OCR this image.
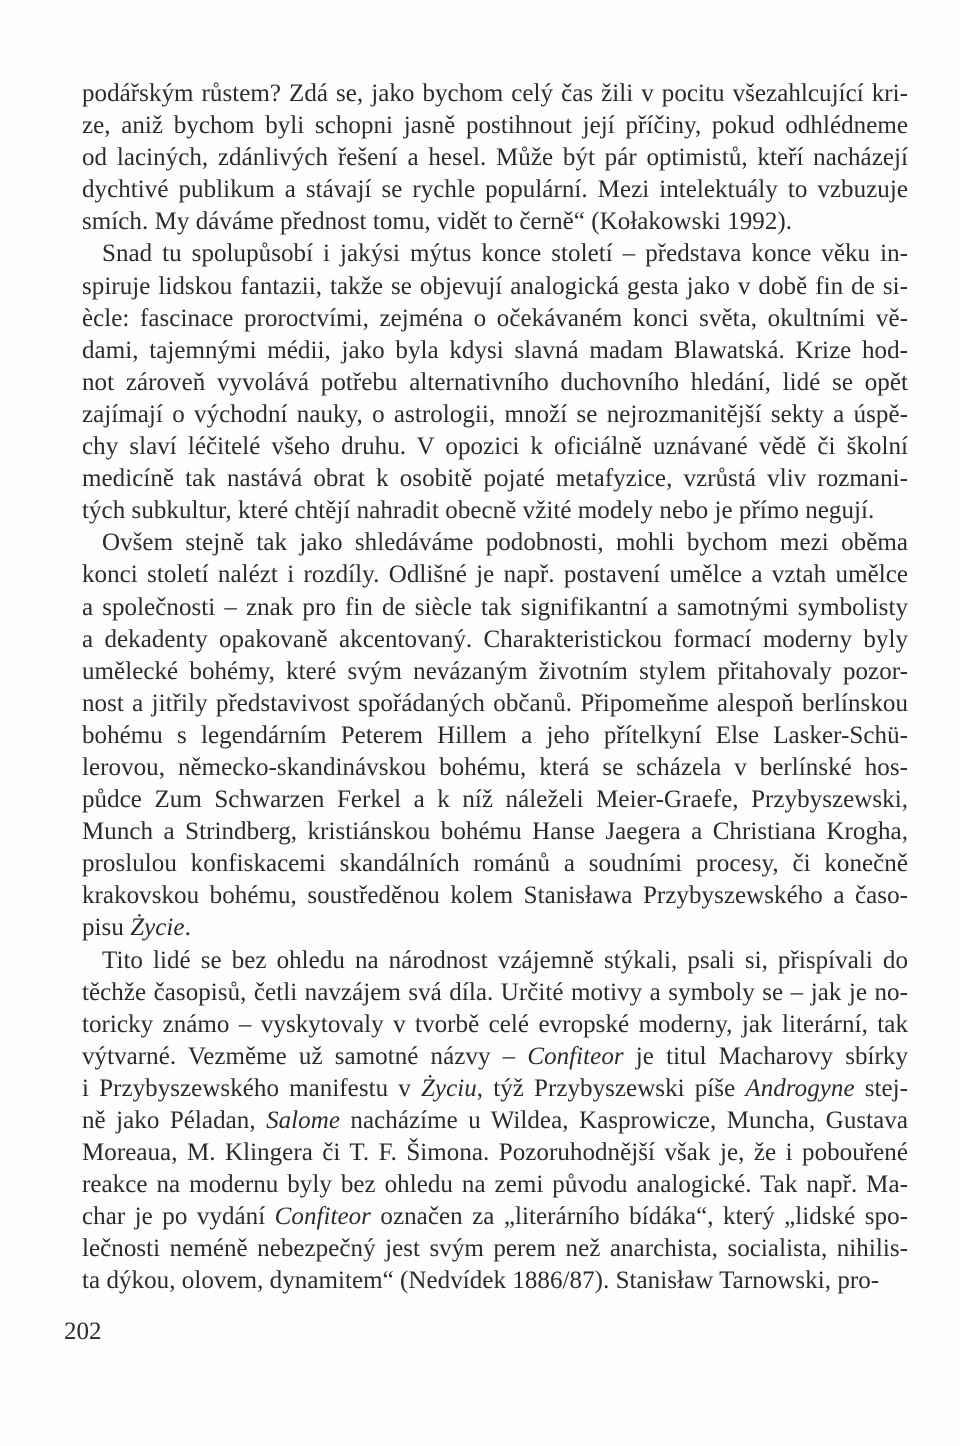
podářským růstem? Zdá se, jako bychom celý čas žili v pocitu všezahlcující kri-
ze, aniž bychom byli schopni jasně postihnout její příčiny, pokud odhlédneme
od laciných, zdánlivých řešení a hesel. Může být pár optimistů, kteří nacházejí
dychtivé publikum a stávají se rychle populární. Mezi intelektuály to vzbuzuje
smích. My dáváme přednost tomu, vidět to černě“ (Kołakowski 1992).
Snad tu spolupůsobí i jakýsi mýtus konce století – představa konce věku in-
spiruje lidskou fantazii, takže se objevují analogická gesta jako v době fin de si-
ècle: fascinace proroctvími, zejména o očekávaném konci světa, okultními vě-
dami, tajemnými médii, jako byla kdysi slavná madam Blawatská. Krize hod-
not zároveň vyvolává potřebu alternativního duchovního hledání, lidé se opět
zajímají o východní nauky, o astrologii, množí se nejrozmanitější sekty a úspě-
chy slaví léčitelé všeho druhu. V opozici k oficiálně uznávané vědě či školní
medicíně tak nastává obrat k osobitě pojaté metafyzice, vzrůstá vliv rozmani-
tých subkultur, které chtějí nahradit obecně vžité modely nebo je přímo negují.
Ovšem stejně tak jako shledáváme podobnosti, mohli bychom mezi oběma
konci století nalézt i rozdíly. Odlišné je např. postavení umělce a vztah umělce
a společnosti – znak pro fin de siècle tak signifikantní a samotnými symbolisty
a dekadenty opakovaně akcentovaný. Charakteristickou formací moderny byly
umělecké bohémy, které svým nevázaným životním stylem přitahovaly pozor-
nost a jitřily představivost spořádaných občanů. Připomeňme alespoň berlínskou
bohému s legendárním Peterem Hillem a jeho přítelkyní Else Lasker-Schü-
lerovou, německo-skandinávskou bohému, která se scházela v berlínské hos-
půdce Zum Schwarzen Ferkel a k níž náleželi Meier-Graefe, Przybyszewski,
Munch a Strindberg, kristiánskou bohému Hanse Jaegera a Christiana Krogha,
proslulou konfiskacemi skandálních románů a soudními procesy, či konečně
krakovskou bohému, soustředěnou kolem Stanisława Przybyszewského a časo-
pisu Życie.
Tito lidé se bez ohledu na národnost vzájemně stýkali, psali si, přispívali do
těchže časopisů, četli navzájem svá díla. Určité motivy a symboly se – jak je no-
toricky známo – vyskytovaly v tvorbě celé evropské moderny, jak literární, tak
výtvarné. Vezměme už samotné názvy – Confiteor je titul Macharovy sbírky
i Przybyszewského manifestu v Życiu, týž Przybyszewski píše Androgyne stej-
ně jako Péladan, Salome nacházíme u Wildea, Kasprowicze, Muncha, Gustava
Moreaua, M. Klingera či T. F. Šimona. Pozoruhodnější však je, že i pobouřené
reakce na modernu byly bez ohledu na zemi původu analogické. Tak např. Ma-
char je po vydání Confiteor označen za „literárního bídáka“, který „lidské spo-
lečnosti neméně nebezpečný jest svým perem než anarchista, socialista, nihilis-
ta dýkou, olovem, dynamitem“ (Nedvídek 1886/87). Stanisław Tarnowski, pro-
202
